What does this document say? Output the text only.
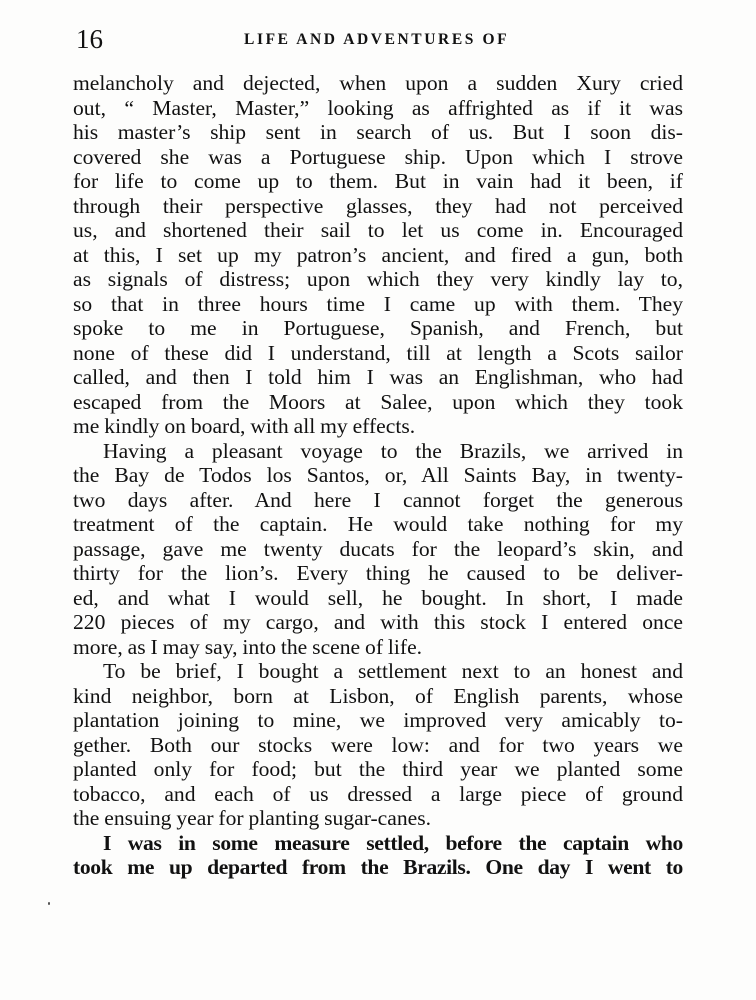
16	LIFE AND ADVENTURES OF
melancholy and dejected, when upon a sudden Xury cried
out, “ Master, Master,” looking as affrighted as if it was
his master’s ship sent in search of us. But I soon dis-
covered she was a Portuguese ship. Upon which I strove
for life to come up to them. But in vain had it been, if
through their perspective glasses, they had not perceived
us, and shortened their sail to let us come in. Encouraged
at this, I set up my patron’s ancient, and fired a gun, both
as signals of distress; upon which they very kindly lay to,
so that in three hours time I came up with them. They
spoke to me in Portuguese, Spanish, and French, but
none of these did I understand, till at length a Scots sailor
called, and then I told him I was an Englishman, who had
escaped from the Moors at Salee, upon which they took
me kindly on board, with all my effects.
Having a pleasant voyage to the Brazils, we arrived in
the Bay de Todos los Santos, or, All Saints Bay, in twenty-
two days after. And here I cannot forget the generous
treatment of the captain. He would take nothing for my
passage, gave me twenty ducats for the leopard’s skin, and
thirty for the lion’s. Every thing he caused to be deliver-
ed, and what I would sell, he bought. In short, I made
220 pieces of my cargo, and with this stock I entered once
more, as I may say, into the scene of life.
To be brief, I bought a settlement next to an honest and
kind neighbor, born at Lisbon, of English parents, whose
plantation joining to mine, we improved very amicably to-
gether. Both our stocks were low: and for two years we
planted only for food; but the third year we planted some
tobacco, and each of us dressed a large piece of ground
the ensuing year for planting sugar-canes.
I was in some measure settled, before the captain who
took me up departed from the Brazils. One day I went to
